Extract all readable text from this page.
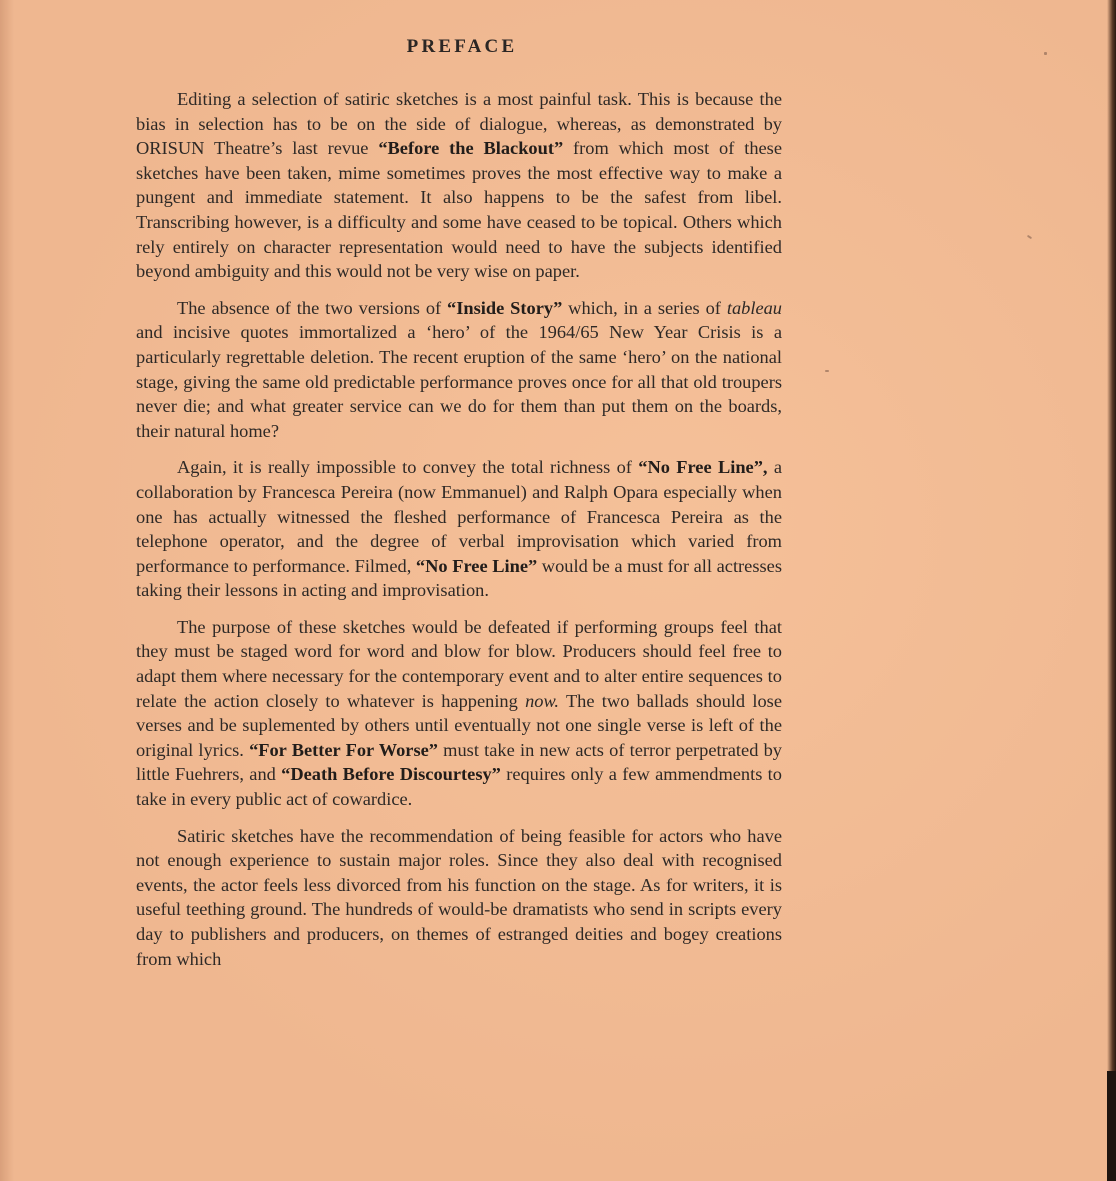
PREFACE

Editing a selection of satiric sketches is a most painful task. This is because the bias in selection has to be on the side of dialogue, whereas, as demonstrated by ORISUN Theatre’s last revue “Before the Blackout” from which most of these sketches have been taken, mime sometimes proves the most effective way to make a pungent and immediate statement. It also happens to be the safest from libel. Transcribing however, is a difficulty and some have ceased to be topical. Others which rely entirely on character representation would need to have the subjects identified beyond ambiguity and this would not be very wise on paper.

The absence of the two versions of “Inside Story” which, in a series of tableau and incisive quotes immortalized a ‘hero’ of the 1964/65 New Year Crisis is a particularly regrettable deletion. The recent eruption of the same ‘hero’ on the national stage, giving the same old predictable performance proves once for all that old troupers never die; and what greater service can we do for them than put them on the boards, their natural home?

Again, it is really impossible to convey the total richness of “No Free Line”, a collaboration by Francesca Pereira (now Emmanuel) and Ralph Opara especially when one has actually witnessed the fleshed performance of Francesca Pereira as the telephone operator, and the degree of verbal improvisation which varied from performance to performance. Filmed, “No Free Line” would be a must for all actresses taking their lessons in acting and improvisation.

The purpose of these sketches would be defeated if performing groups feel that they must be staged word for word and blow for blow. Producers should feel free to adapt them where necessary for the contemporary event and to alter entire sequences to relate the action closely to whatever is happening now. The two ballads should lose verses and be suplemented by others until eventually not one single verse is left of the original lyrics. “For Better For Worse” must take in new acts of terror perpetrated by little Fuehrers, and “Death Before Discourtesy” requires only a few ammendments to take in every public act of cowardice.

Satiric sketches have the recommendation of being feasible for actors who have not enough experience to sustain major roles. Since they also deal with recognised events, the actor feels less divorced from his function on the stage. As for writers, it is useful teething ground. The hundreds of would-be dramatists who send in scripts every day to publishers and producers, on themes of estranged deities and bogey creations from which
